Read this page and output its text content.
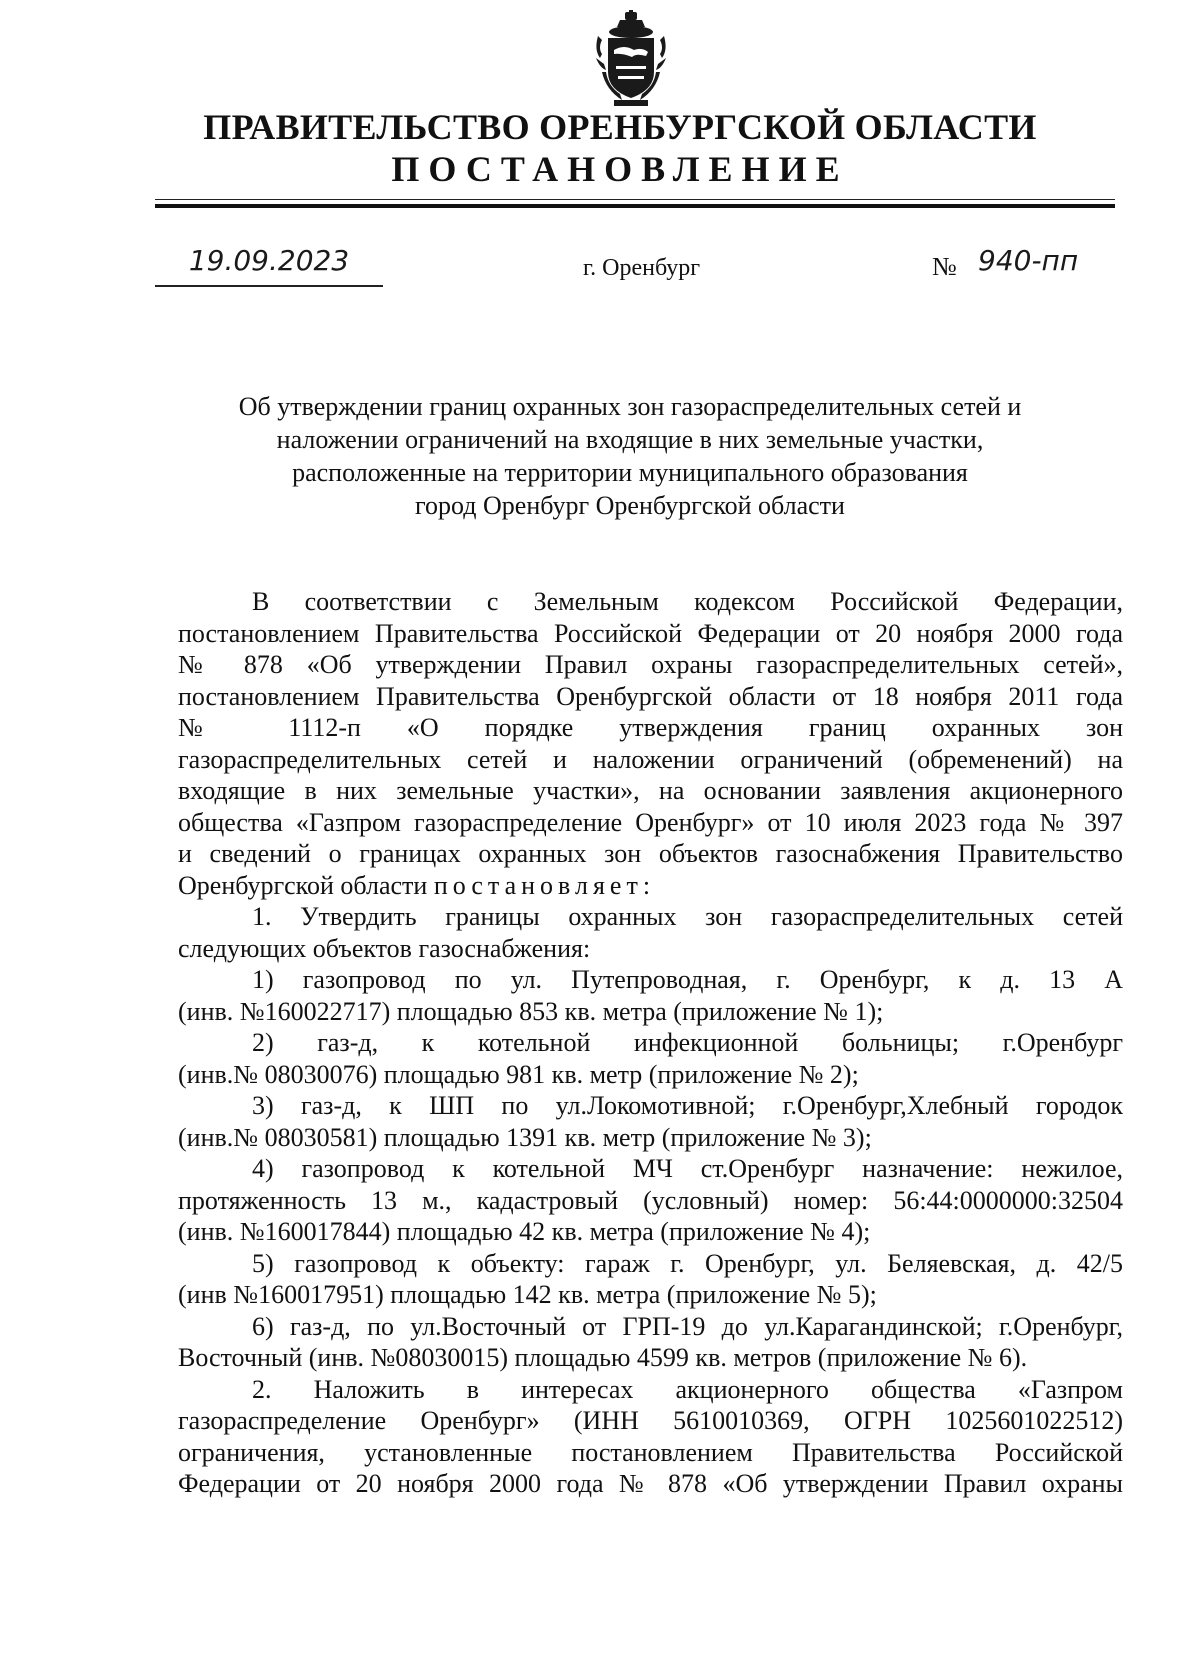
ПРАВИТЕЛЬСТВО ОРЕНБУРГСКОЙ ОБЛАСТИ
ПОСТАНОВЛЕНИЕ
19.09.2023	г. Оренбург	№ 940-пп
Об утверждении границ охранных зон газораспределительных сетей и
наложении ограничений на входящие в них земельные участки,
расположенные на территории муниципального образования
город Оренбург Оренбургской области

В соответствии с Земельным кодексом Российской Федерации,

постановлением Правительства Российской Федерации от 20 ноября 2000 года

№ 878 «Об утверждении Правил охраны газораспределительных сетей»,

постановлением Правительства Оренбургской области от 18 ноября 2011 года

№ 1112-п «О порядке утверждения границ охранных зон

газораспределительных сетей и наложении ограничений (обременений) на

входящие в них земельные участки», на основании заявления акционерного

общества «Газпром газораспределение Оренбург» от 10 июля 2023 года № 397

и сведений о границах охранных зон объектов газоснабжения Правительство

Оренбургской области постановляет:

1. Утвердить границы охранных зон газораспределительных сетей

следующих объектов газоснабжения:

1) газопровод по ул. Путепроводная, г. Оренбург, к д. 13 А

(инв. №160022717) площадью 853 кв. метра (приложение № 1);

2) газ-д, к котельной инфекционной больницы; г.Оренбург

(инв.№ 08030076) площадью 981 кв. метр (приложение № 2);

3) газ-д, к ШП по ул.Локомотивной; г.Оренбург,Хлебный городок

(инв.№ 08030581) площадью 1391 кв. метр (приложение № 3);

4) газопровод к котельной МЧ ст.Оренбург назначение: нежилое,

протяженность 13 м., кадастровый (условный) номер: 56:44:0000000:32504

(инв. №160017844) площадью 42 кв. метра (приложение № 4);

5) газопровод к объекту: гараж г. Оренбург, ул. Беляевская, д. 42/5

(инв №160017951) площадью 142 кв. метра (приложение № 5);

6) газ-д, по ул.Восточный от ГРП-19 до ул.Карагандинской; г.Оренбург,

Восточный (инв. №08030015) площадью 4599 кв. метров (приложение № 6).

2. Наложить в интересах акционерного общества «Газпром

газораспределение Оренбург» (ИНН 5610010369, ОГРН 1025601022512)

ограничения, установленные постановлением Правительства Российской

Федерации от 20 ноября 2000 года № 878 «Об утверждении Правил охраны
